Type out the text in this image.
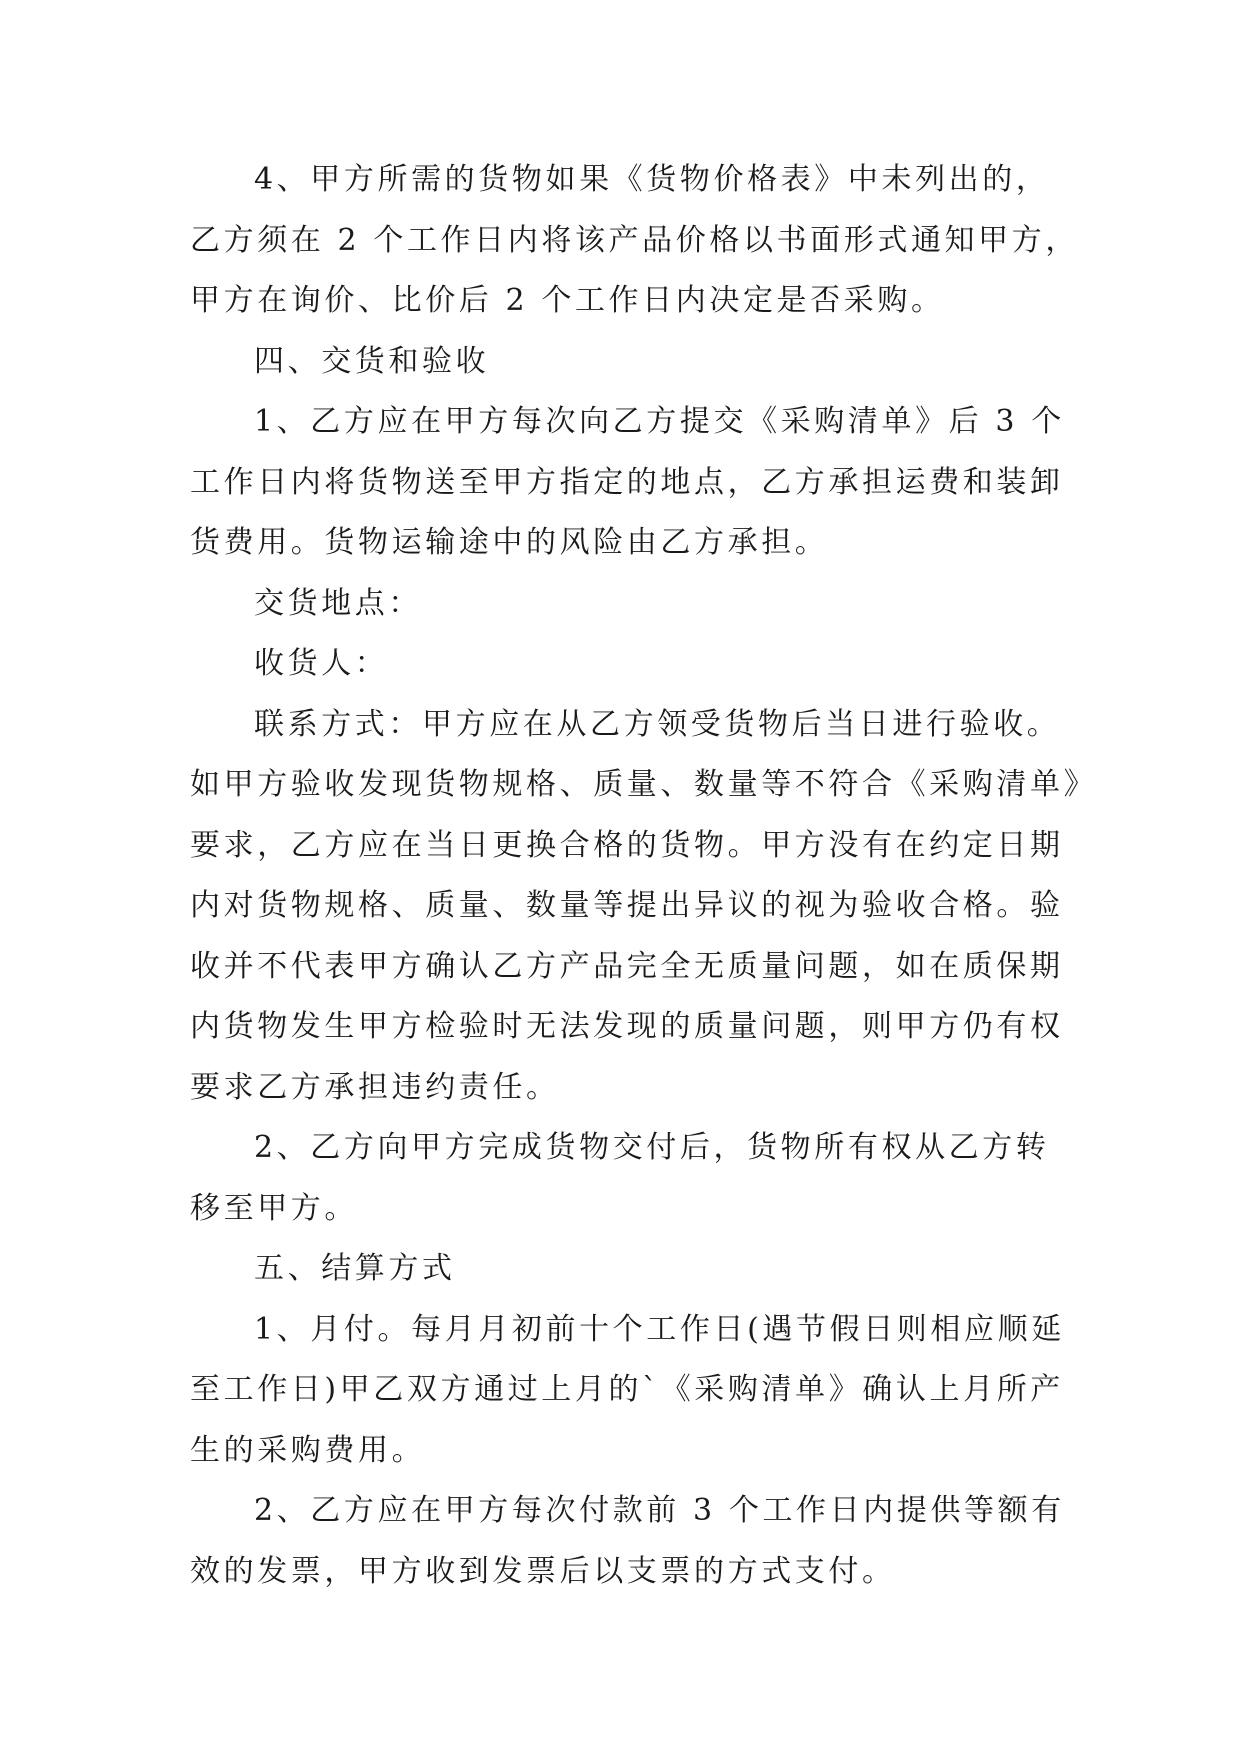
4、甲方所需的货物如果《货物价格表》中未列出的，
乙方须在 2 个工作日内将该产品价格以书面形式通知甲方，
甲方在询价、比价后 2 个工作日内决定是否采购。
四、交货和验收
1、乙方应在甲方每次向乙方提交《采购清单》后 3 个
工作日内将货物送至甲方指定的地点，乙方承担运费和装卸
货费用。货物运输途中的风险由乙方承担。
交货地点：
收货人：
联系方式：甲方应在从乙方领受货物后当日进行验收。
如甲方验收发现货物规格、质量、数量等不符合《采购清单》
要求，乙方应在当日更换合格的货物。甲方没有在约定日期
内对货物规格、质量、数量等提出异议的视为验收合格。验
收并不代表甲方确认乙方产品完全无质量问题，如在质保期
内货物发生甲方检验时无法发现的质量问题，则甲方仍有权
要求乙方承担违约责任。
2、乙方向甲方完成货物交付后，货物所有权从乙方转
移至甲方。
五、结算方式
1、月付。每月月初前十个工作日(遇节假日则相应顺延
至工作日)甲乙双方通过上月的`《采购清单》确认上月所产
生的采购费用。
2、乙方应在甲方每次付款前 3 个工作日内提供等额有
效的发票，甲方收到发票后以支票的方式支付。
